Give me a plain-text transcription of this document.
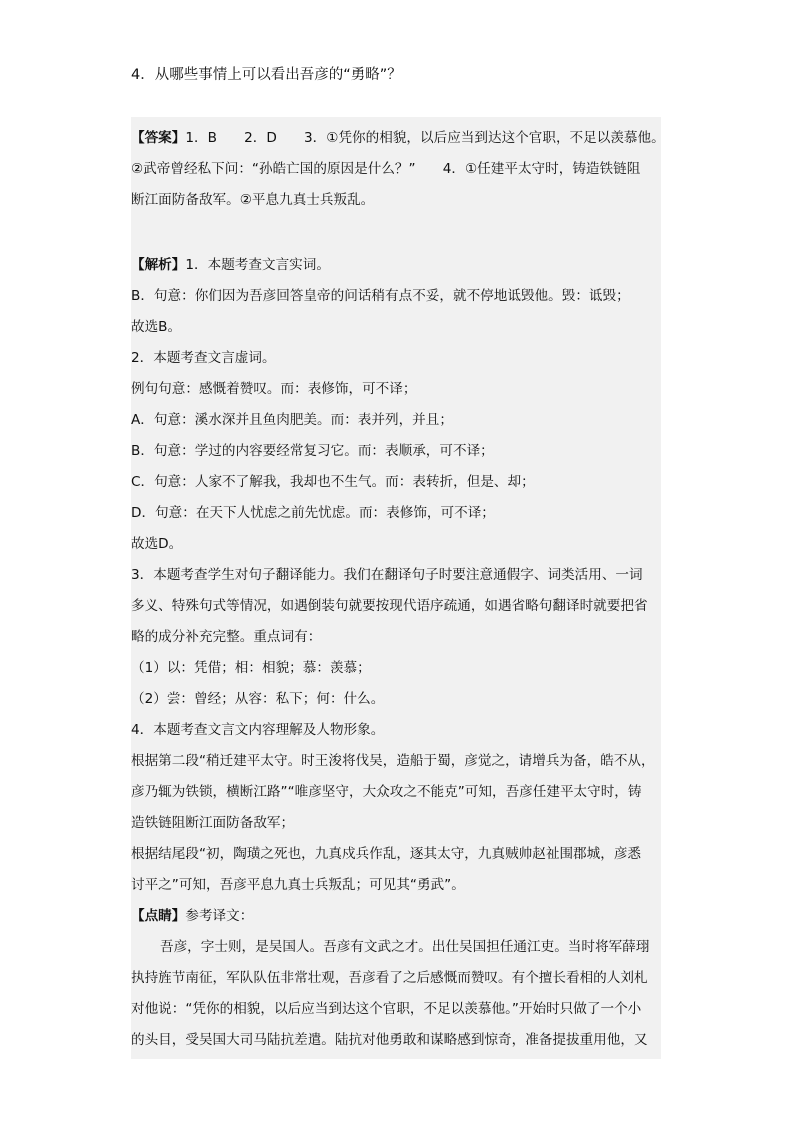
4．从哪些事情上可以看出吾彦的“勇略”？
【答案】1．B　　2．D　　3．①凭你的相貌，以后应当到达这个官职，不足以羡慕他。
②武帝曾经私下问：“孙皓亡国的原因是什么？”　　4．①任建平太守时，铸造铁链阻
断江面防备敌军。②平息九真士兵叛乱。
【解析】1．本题考查文言实词。
B．句意：你们因为吾彦回答皇帝的问话稍有点不妥，就不停地诋毁他。毁：诋毁；
故选B。
2．本题考查文言虚词。
例句句意：感慨着赞叹。而：表修饰，可不译；
A．句意：溪水深并且鱼肉肥美。而：表并列，并且；
B．句意：学过的内容要经常复习它。而：表顺承，可不译；
C．句意：人家不了解我，我却也不生气。而：表转折，但是、却；
D．句意：在天下人忧虑之前先忧虑。而：表修饰，可不译；
故选D。
3．本题考查学生对句子翻译能力。我们在翻译句子时要注意通假字、词类活用、一词
多义、特殊句式等情况，如遇倒装句就要按现代语序疏通，如遇省略句翻译时就要把省
略的成分补充完整。重点词有：
（1）以：凭借；相：相貌；慕：羡慕；
（2）尝：曾经；从容：私下；何：什么。
4．本题考查文言文内容理解及人物形象。
根据第二段“稍迁建平太守。时王浚将伐吴，造船于蜀，彦觉之，请增兵为备，皓不从，
彦乃辄为铁锁，横断江路”“唯彦坚守，大众攻之不能克”可知，吾彦任建平太守时，铸
造铁链阻断江面防备敌军；
根据结尾段“初，陶璜之死也，九真戍兵作乱，逐其太守，九真贼帅赵祉围郡城，彦悉
讨平之”可知，吾彦平息九真士兵叛乱；可见其“勇武”。
【点睛】参考译文：
吾彦，字士则，是吴国人。吾彦有文武之才。出仕吴国担任通江吏。当时将军薛珝
执持旌节南征，军队队伍非常壮观，吾彦看了之后感慨而赞叹。有个擅长看相的人刘札
对他说：“凭你的相貌，以后应当到达这个官职，不足以羡慕他。”开始时只做了一个小
的头目，受吴国大司马陆抗差遣。陆抗对他勇敢和谋略感到惊奇，准备提拔重用他，又
